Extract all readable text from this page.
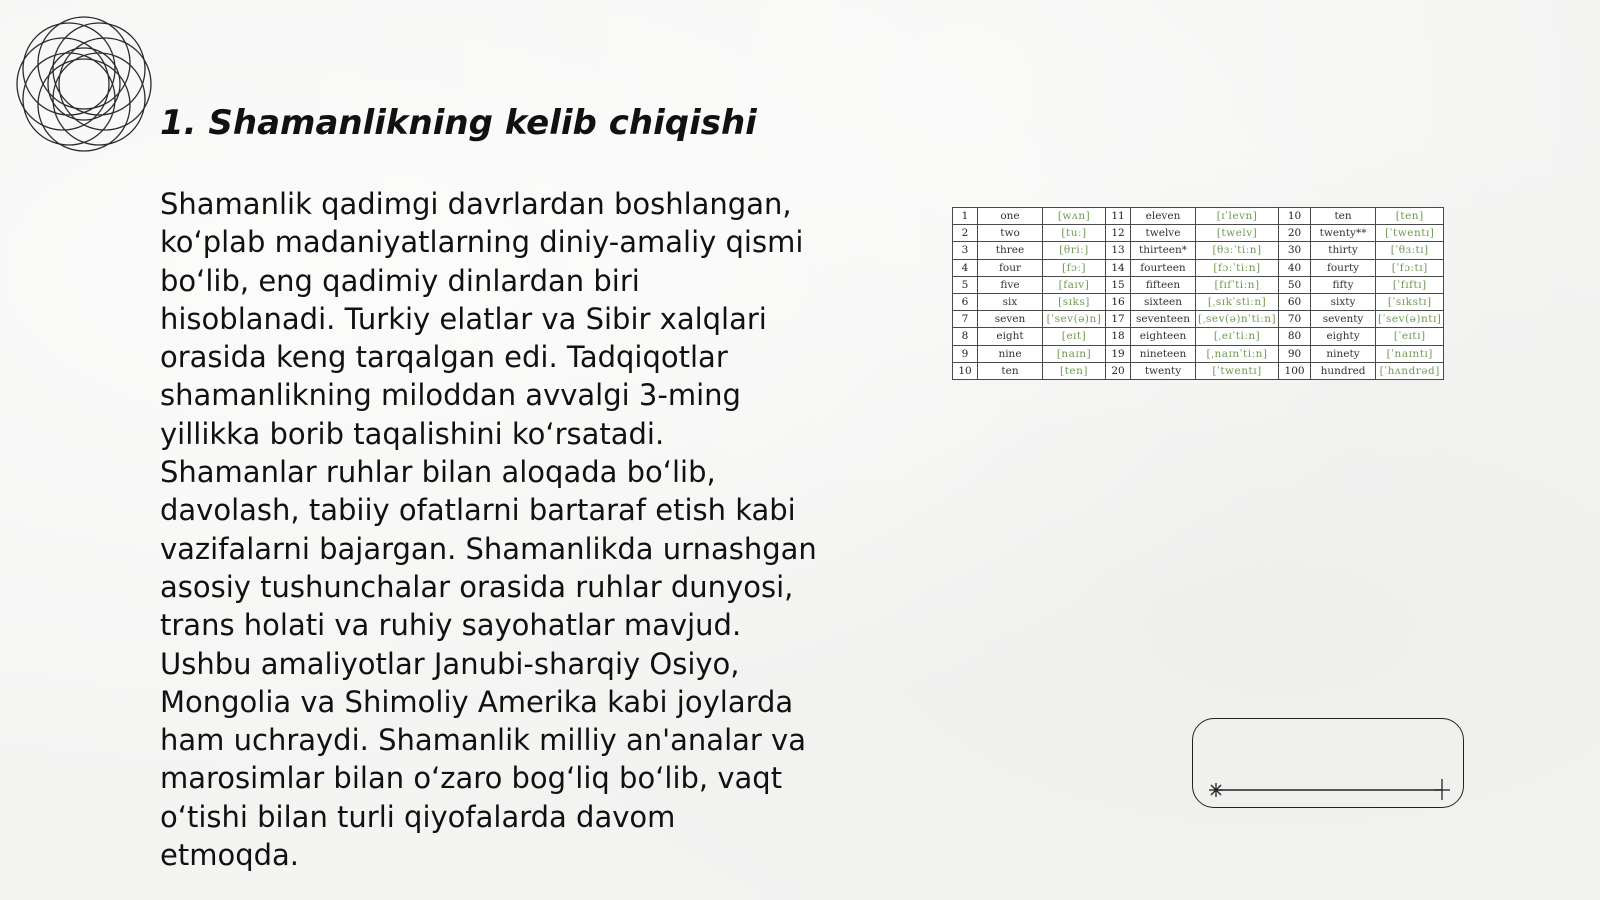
1. Shamanlikning kelib chiqishi

Shamanlik qadimgi davrlardan boshlangan,
koʻplab madaniyatlarning diniy-amaliy qismi
boʻlib, eng qadimiy dinlardan biri
hisoblanadi. Turkiy elatlar va Sibir xalqlari
orasida keng tarqalgan edi. Tadqiqotlar
shamanlikning miloddan avvalgi 3-ming
yillikka borib taqalishini koʻrsatadi.
Shamanlar ruhlar bilan aloqada boʻlib,
davolash, tabiiy ofatlarni bartaraf etish kabi
vazifalarni bajargan. Shamanlikda urnashgan
asosiy tushunchalar orasida ruhlar dunyosi,
trans holati va ruhiy sayohatlar mavjud.
Ushbu amaliyotlar Janubi-sharqiy Osiyo,
Mongolia va Shimoliy Amerika kabi joylarda
ham uchraydi. Shamanlik milliy an'analar va
marosimlar bilan oʻzaro bogʻliq boʻlib, vaqt
oʻtishi bilan turli qiyofalarda davom
etmoqda.

1	one	[wʌn]	11	eleven	[ɪˈlevn]	10	ten	[ten]
2	two	[tuː]	12	twelve	[twelv]	20	twenty**	[ˈtwentɪ]
3	three	[θriː]	13	thirteen*	[θɜːˈtiːn]	30	thirty	[ˈθɜːtɪ]
4	four	[fɔː]	14	fourteen	[fɔːˈtiːn]	40	fourty	[ˈfɔːtɪ]
5	five	[faɪv]	15	fifteen	[fɪfˈtiːn]	50	fifty	[ˈfɪftɪ]
6	six	[sɪks]	16	sixteen	[ˌsɪkˈstiːn]	60	sixty	[ˈsɪkstɪ]
7	seven	[ˈsev(ə)n]	17	seventeen	[ˌsev(ə)nˈtiːn]	70	seventy	[ˈsev(ə)ntɪ]
8	eight	[eɪt]	18	eighteen	[ˌeɪˈtiːn]	80	eighty	[ˈeɪtɪ]
9	nine	[naɪn]	19	nineteen	[ˌnaɪnˈtiːn]	90	ninety	[ˈnaɪntɪ]
10	ten	[ten]	20	twenty	[ˈtwentɪ]	100	hundred	[ˈhʌndrəd]
